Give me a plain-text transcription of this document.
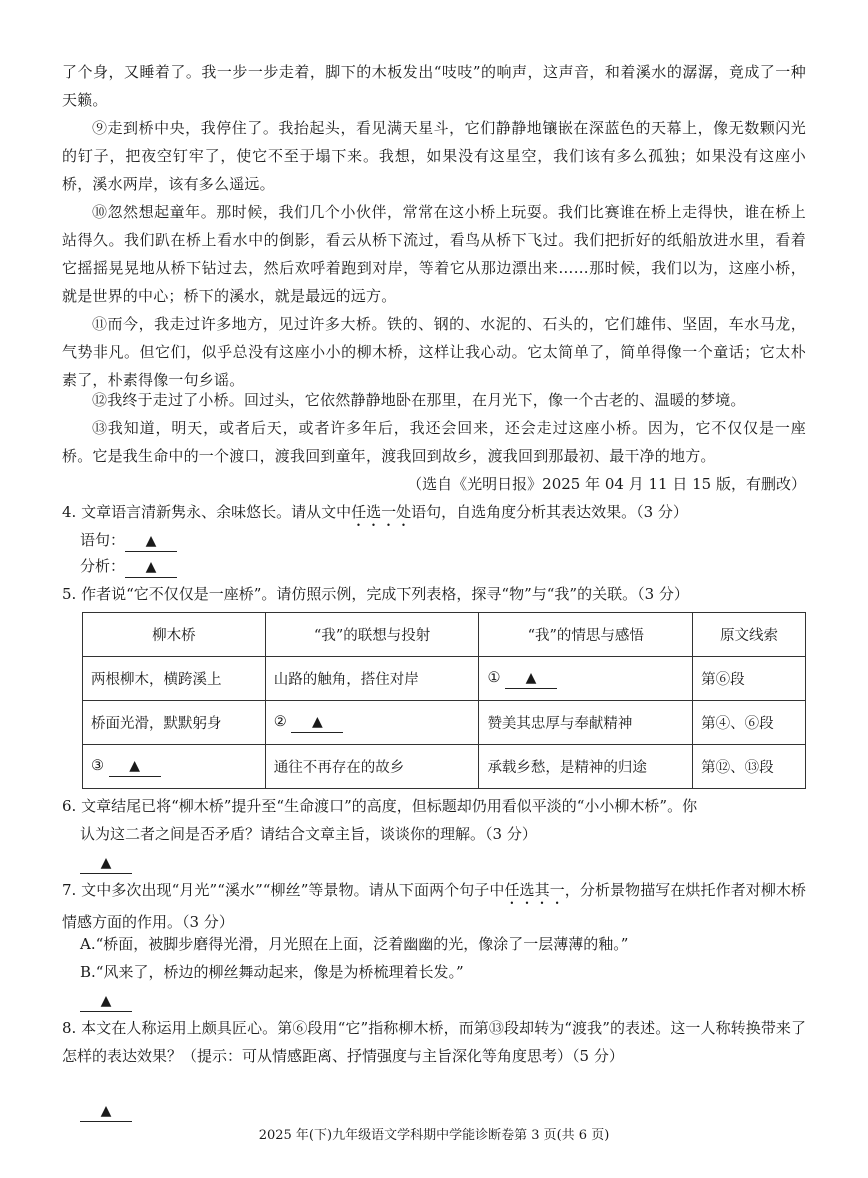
了个身，又睡着了。我一步一步走着，脚下的木板发出“吱吱”的响声，这声音，和着溪水的潺潺，竟成了一种天籁。
⑨走到桥中央，我停住了。我抬起头，看见满天星斗，它们静静地镶嵌在深蓝色的天幕上，像无数颗闪光的钉子，把夜空钉牢了，使它不至于塌下来。我想，如果没有这星空，我们该有多么孤独；如果没有这座小桥，溪水两岸，该有多么遥远。
⑩忽然想起童年。那时候，我们几个小伙伴，常常在这小桥上玩耍。我们比赛谁在桥上走得快，谁在桥上站得久。我们趴在桥上看水中的倒影，看云从桥下流过，看鸟从桥下飞过。我们把折好的纸船放进水里，看着它摇摇晃晃地从桥下钻过去，然后欢呼着跑到对岸，等着它从那边漂出来……那时候，我们以为，这座小桥，就是世界的中心；桥下的溪水，就是最远的远方。
⑪而今，我走过许多地方，见过许多大桥。铁的、钢的、水泥的、石头的，它们雄伟、坚固，车水马龙，气势非凡。但它们，似乎总没有这座小小的柳木桥，这样让我心动。它太简单了，简单得像一个童话；它太朴素了，朴素得像一句乡谣。
⑫我终于走过了小桥。回过头，它依然静静地卧在那里，在月光下，像一个古老的、温暖的梦境。
⑬我知道，明天，或者后天，或者许多年后，我还会回来，还会走过这座小桥。因为，它不仅仅是一座桥。它是我生命中的一个渡口，渡我回到童年，渡我回到故乡，渡我回到那最初、最干净的地方。
（选自《光明日报》2025 年 04 月 11 日 15 版，有删改）
4. 文章语言清新隽永、余味悠长。请从文中任选一处语句，自选角度分析其表达效果。（3 分）
语句： ▲
分析： ▲
5. 作者说“它不仅仅是一座桥”。请仿照示例，完成下列表格，探寻“物”与“我”的关联。（3 分）
柳木桥	“我”的联想与投射	“我”的情思与感悟	原文线索
两根柳木，横跨溪上	山路的触角，搭住对岸	① ▲	第⑥段
桥面光滑，默默躬身	② ▲	赞美其忠厚与奉献精神	第④、⑥段
③ ▲	通往不再存在的故乡	承载乡愁，是精神的归途	第⑫、⑬段
6. 文章结尾已将“柳木桥”提升至“生命渡口”的高度，但标题却仍用看似平淡的“小小柳木桥”。你
认为这二者之间是否矛盾？请结合文章主旨，谈谈你的理解。（3 分）
▲
7. 文中多次出现“月光”“溪水”“柳丝”等景物。请从下面两个句子中任选其一，分析景物描写在烘托作者对柳木桥情感方面的作用。（3 分）
A.“桥面，被脚步磨得光滑，月光照在上面，泛着幽幽的光，像涂了一层薄薄的釉。”
B.“风来了，桥边的柳丝舞动起来，像是为桥梳理着长发。”
▲
8. 本文在人称运用上颇具匠心。第⑥段用“它”指称柳木桥，而第⑬段却转为“渡我”的表述。这一人称转换带来了怎样的表达效果？（提示：可从情感距离、抒情强度与主旨深化等角度思考）（5 分）
▲
2025 年(下)九年级语文学科期中学能诊断卷第 3 页(共 6 页)
